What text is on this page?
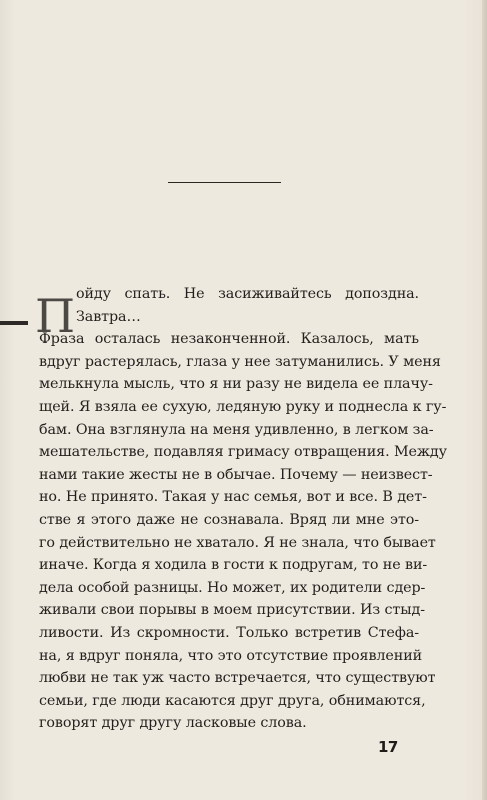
П ойду спать. Не засиживайтесь допоздна.
Завтра…
Фраза осталась незаконченной. Казалось, мать
вдруг растерялась, глаза у нее затуманились. У меня
мелькнула мысль, что я ни разу не видела ее плачу-
щей. Я взяла ее сухую, ледяную руку и поднесла к гу-
бам. Она взглянула на меня удивленно, в легком за-
мешательстве, подавляя гримасу отвращения. Между
нами такие жесты не в обычае. Почему — неизвест-
но. Не принято. Такая у нас семья, вот и все. В дет-
стве я этого даже не сознавала. Вряд ли мне это-
го действительно не хватало. Я не знала, что бывает
иначе. Когда я ходила в гости к подругам, то не ви-
дела особой разницы. Но может, их родители сдер-
живали свои порывы в моем присутствии. Из стыд-
ливости. Из скромности. Только встретив Стефа-
на, я вдруг поняла, что это отсутствие проявлений
любви не так уж часто встречается, что существуют
семьи, где люди касаются друг друга, обнимаются,
говорят друг другу ласковые слова.
17
